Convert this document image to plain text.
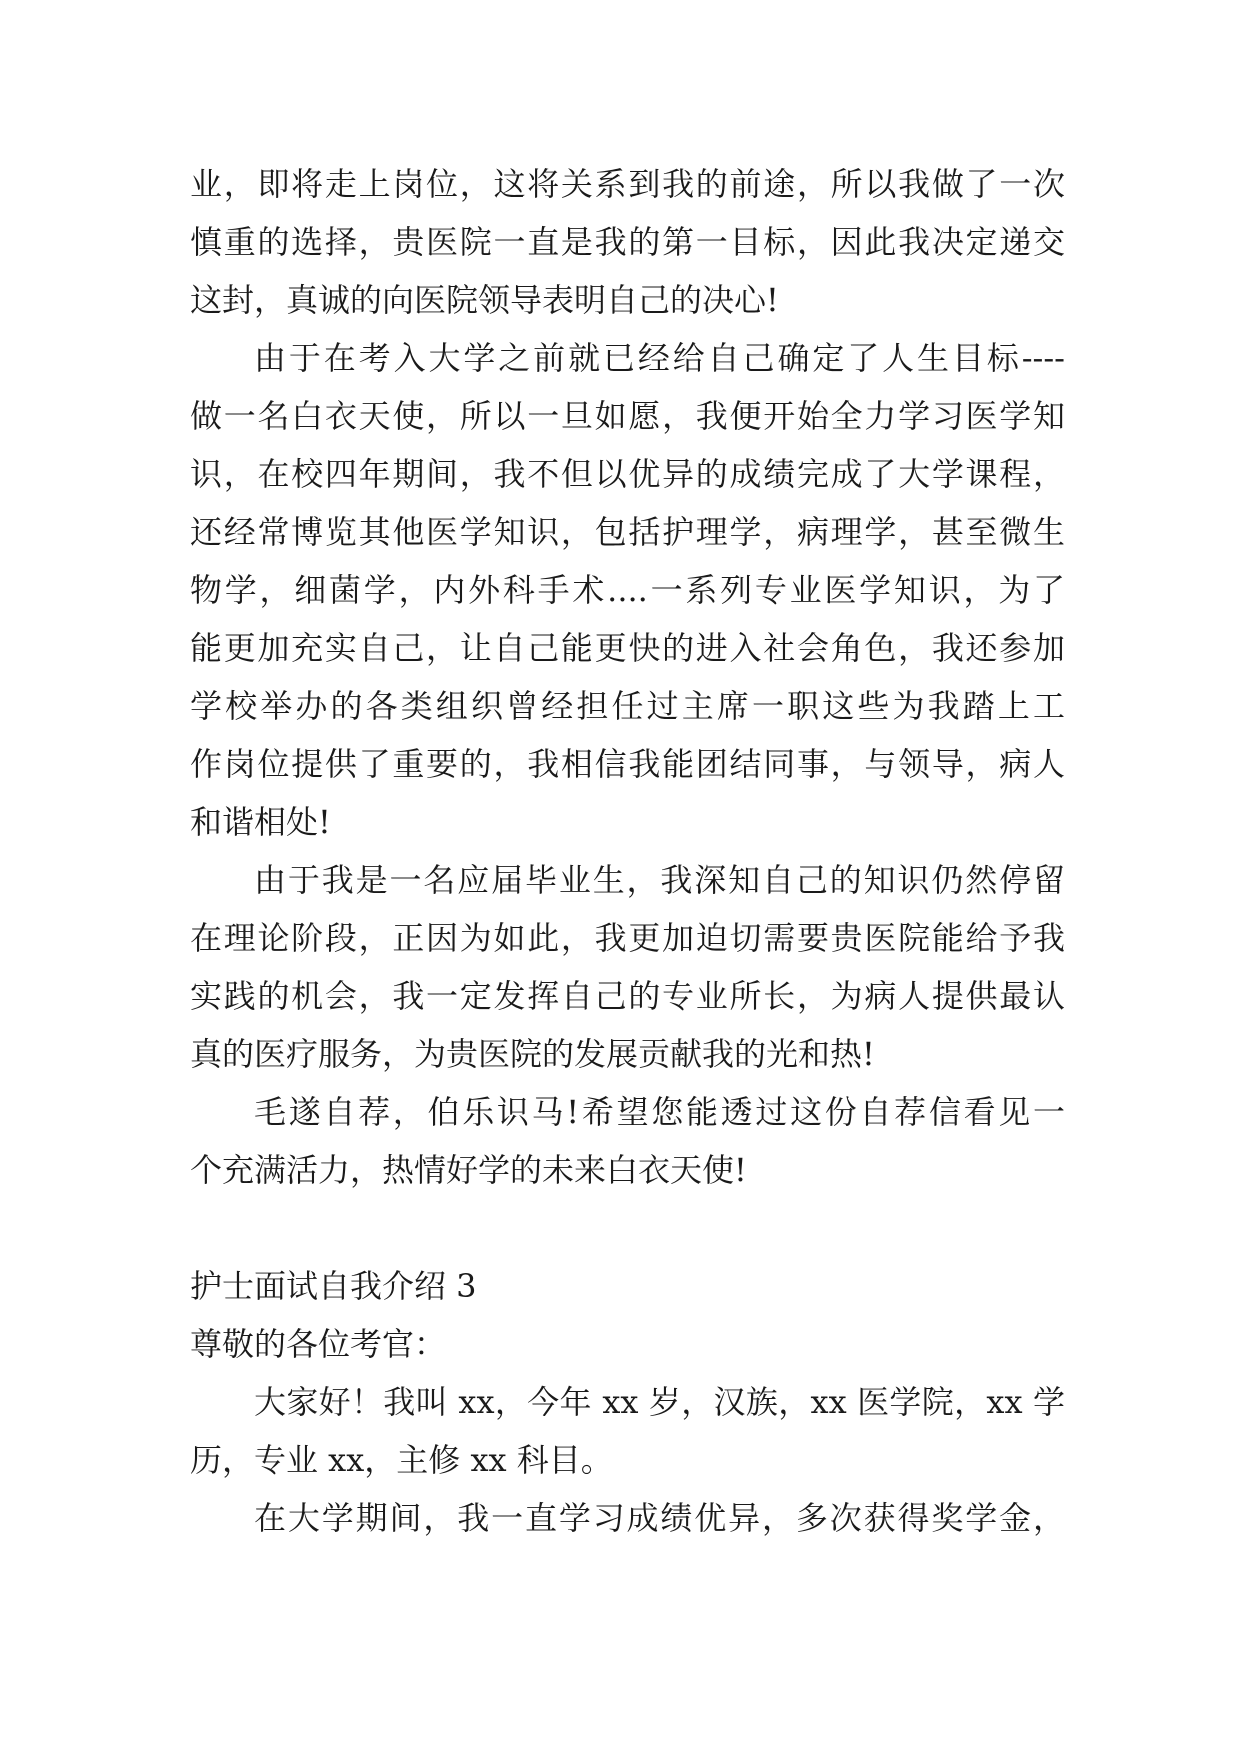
业，即将走上岗位，这将关系到我的前途，所以我做了一次
慎重的选择，贵医院一直是我的第一目标，因此我决定递交
这封，真诚的向医院领导表明自己的决心!
由于在考入大学之前就已经给自己确定了人生目标----
做一名白衣天使，所以一旦如愿，我便开始全力学习医学知
识，在校四年期间，我不但以优异的成绩完成了大学课程，
还经常博览其他医学知识，包括护理学，病理学，甚至微生
物学，细菌学，内外科手术....一系列专业医学知识，为了
能更加充实自己，让自己能更快的进入社会角色，我还参加
学校举办的各类组织曾经担任过主席一职这些为我踏上工
作岗位提供了重要的，我相信我能团结同事，与领导，病人
和谐相处!
由于我是一名应届毕业生，我深知自己的知识仍然停留
在理论阶段，正因为如此，我更加迫切需要贵医院能给予我
实践的机会，我一定发挥自己的专业所长，为病人提供最认
真的医疗服务，为贵医院的发展贡献我的光和热!
毛遂自荐，伯乐识马!希望您能透过这份自荐信看见一
个充满活力，热情好学的未来白衣天使!
护士面试自我介绍 3
尊敬的各位考官：
大家好！我叫 xx，今年 xx 岁，汉族，xx 医学院，xx 学
历，专业 xx，主修 xx 科目。
在大学期间，我一直学习成绩优异，多次获得奖学金，
